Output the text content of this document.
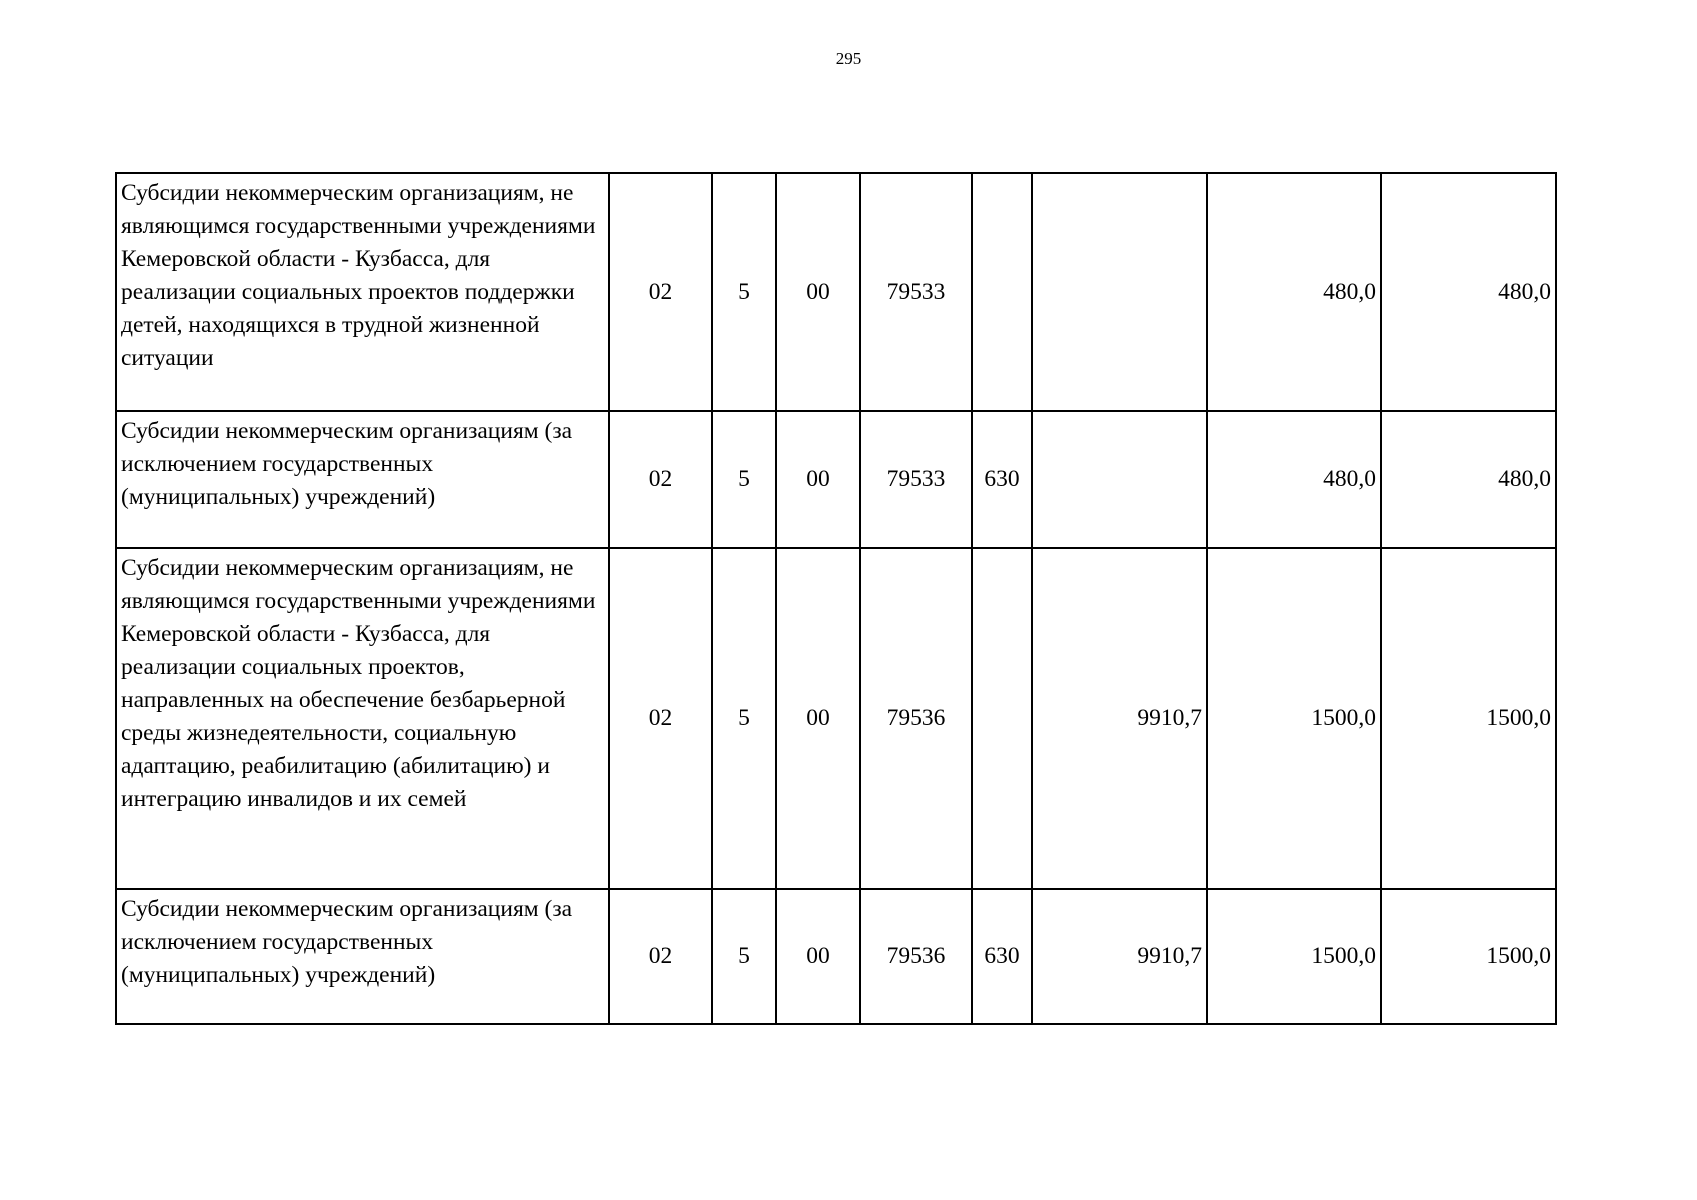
295
Субсидии некоммерческим организациям, не являющимся государственными учреждениями Кемеровской области - Кузбасса, для реализации социальных проектов поддержки детей, находящихся в трудной жизненной ситуации	02	5	00	79533			480,0	480,0
Субсидии некоммерческим организациям (за исключением государственных (муниципальных) учреждений)	02	5	00	79533	630		480,0	480,0
Субсидии некоммерческим организациям, не являющимся государственными учреждениями Кемеровской области - Кузбасса, для реализации социальных проектов, направленных на обеспечение безбарьерной среды жизнедеятельности, социальную адаптацию, реабилитацию (абилитацию) и интеграцию инвалидов и их семей	02	5	00	79536		9910,7	1500,0	1500,0
Субсидии некоммерческим организациям (за исключением государственных (муниципальных) учреждений)	02	5	00	79536	630	9910,7	1500,0	1500,0
